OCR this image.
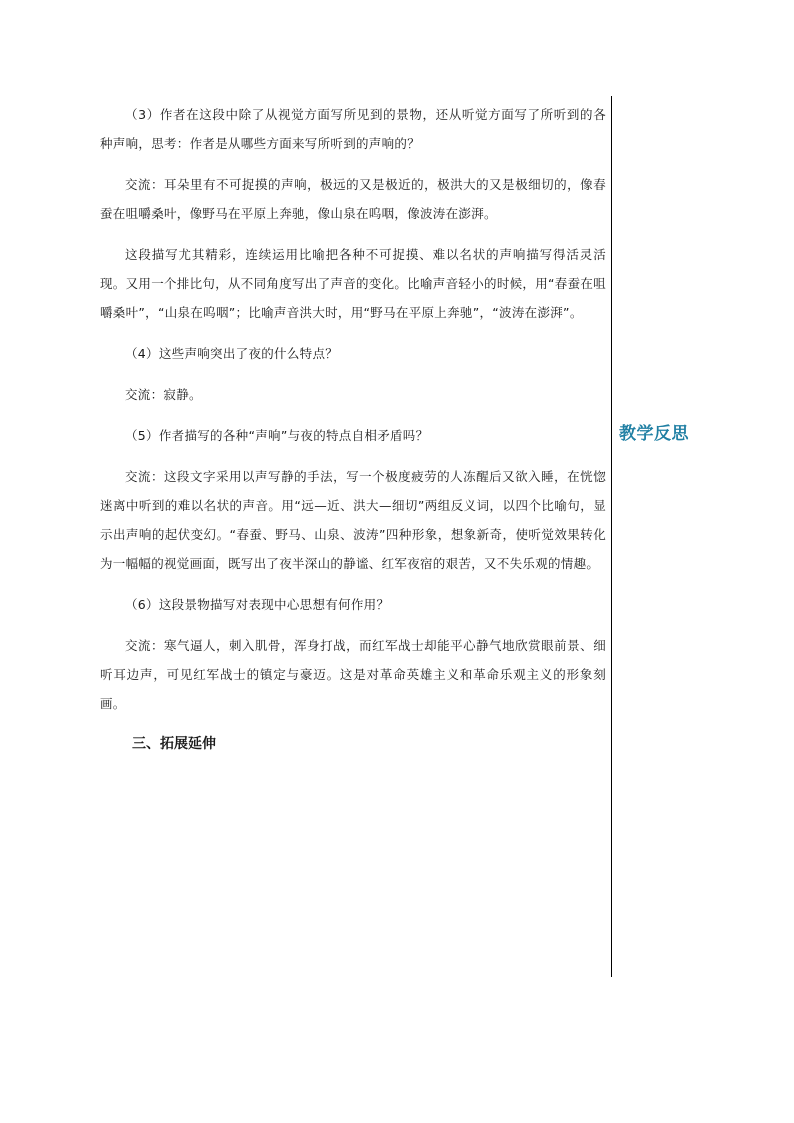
（3）作者在这段中除了从视觉方面写所见到的景物，还从听觉方面写了所听到的各种声响，思考：作者是从哪些方面来写所听到的声响的？

交流：耳朵里有不可捉摸的声响，极远的又是极近的，极洪大的又是极细切的，像春蚕在咀嚼桑叶，像野马在平原上奔驰，像山泉在呜咽，像波涛在澎湃。

这段描写尤其精彩，连续运用比喻把各种不可捉摸、难以名状的声响描写得活灵活现。又用一个排比句，从不同角度写出了声音的变化。比喻声音轻小的时候，用“春蚕在咀嚼桑叶”，“山泉在呜咽”；比喻声音洪大时，用“野马在平原上奔驰”，“波涛在澎湃”。

（4）这些声响突出了夜的什么特点？

交流：寂静。

（5）作者描写的各种“声响”与夜的特点自相矛盾吗？

交流：这段文字采用以声写静的手法，写一个极度疲劳的人冻醒后又欲入睡，在恍惚迷离中听到的难以名状的声音。用“远—近、洪大—细切”两组反义词，以四个比喻句，显示出声响的起伏变幻。“春蚕、野马、山泉、波涛”四种形象，想象新奇，使听觉效果转化为一幅幅的视觉画面，既写出了夜半深山的静谧、红军夜宿的艰苦，又不失乐观的情趣。

（6）这段景物描写对表现中心思想有何作用？

交流：寒气逼人，刺入肌骨，浑身打战，而红军战士却能平心静气地欣赏眼前景、细听耳边声，可见红军战士的镇定与豪迈。这是对革命英雄主义和革命乐观主义的形象刻画。

三、拓展延伸
教学反思
